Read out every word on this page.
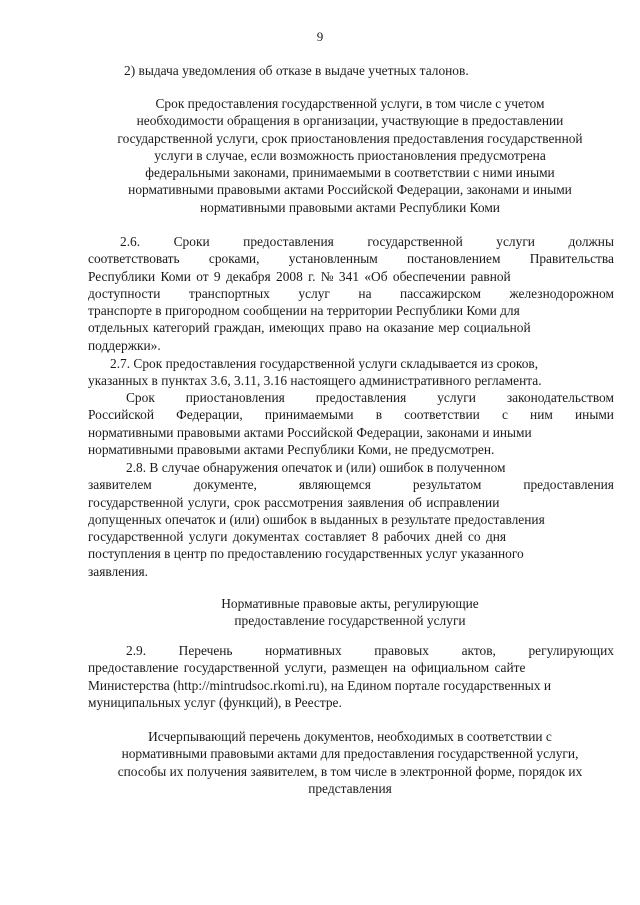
9
2) выдача уведомления об отказе в выдаче учетных талонов.
Срок предоставления государственной услуги, в том числе с учетом
необходимости обращения в организации, участвующие в предоставлении
государственной услуги, срок приостановления предоставления государственной
услуги в случае, если возможность приостановления предусмотрена
федеральными законами, принимаемыми в соответствии с ними иными
нормативными правовыми актами Российской Федерации, законами и иными
нормативными правовыми актами Республики Коми
2.6.	Сроки	предоставления	государственной	услуги	должны
соответствовать сроками, установленным постановлением Правительства
Республики Коми от 9 декабря 2008 г. № 341 «Об обеспечении равной
доступности транспортных услуг на пассажирском железнодорожном
транспорте в пригородном сообщении на территории Республики Коми для
отдельных категорий граждан, имеющих право на оказание мер социальной
поддержки».
2.7. Срок предоставления государственной услуги складывается из сроков,
указанных в пунктах 3.6, 3.11, 3.16 настоящего административного регламента.
Срок приостановления предоставления услуги законодательством
Российской Федерации, принимаемыми в соответствии с ним иными
нормативными правовыми актами Российской Федерации, законами и иными
нормативными правовыми актами Республики Коми, не предусмотрен.
2.8. В случае обнаружения опечаток и (или) ошибок в полученном
заявителем	документе,	являющемся	результатом	предоставления
государственной услуги, срок рассмотрения заявления об исправлении
допущенных опечаток и (или) ошибок в выданных в результате предоставления
государственной услуги документах составляет 8 рабочих дней со дня
поступления в центр по предоставлению государственных услуг указанного
заявления.
Нормативные правовые акты, регулирующие
предоставление государственной услуги
2.9. Перечень нормативных правовых актов, регулирующих
предоставление государственной услуги, размещен на официальном сайте
Министерства (http://mintrudsoc.rkomi.ru), на Едином портале государственных и
муниципальных услуг (функций), в Реестре.
Исчерпывающий перечень документов, необходимых в соответствии с
нормативными правовыми актами для предоставления государственной услуги,
способы их получения заявителем, в том числе в электронной форме, порядок их
представления
